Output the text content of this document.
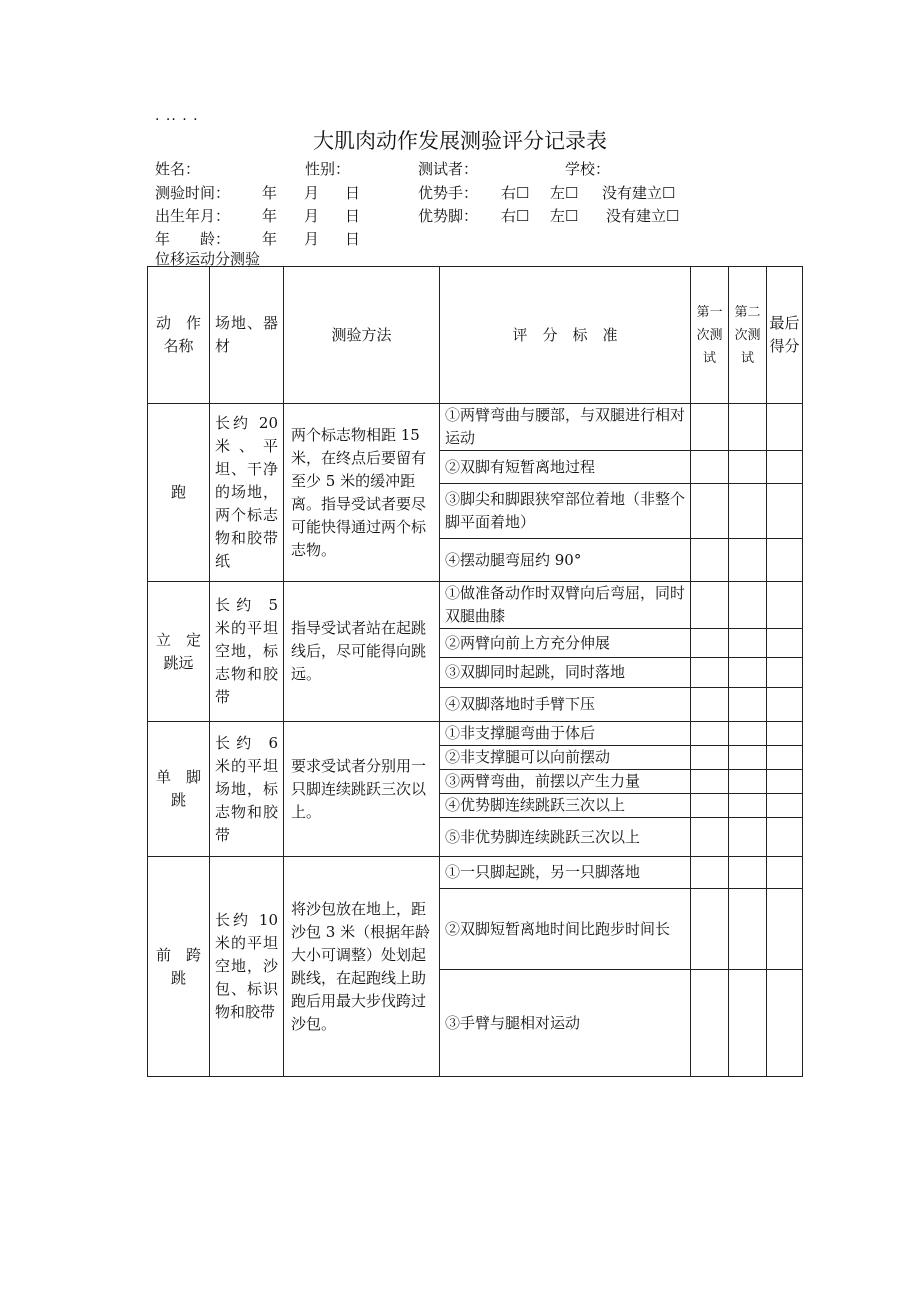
. .. . .
大肌肉动作发展测验评分记录表
姓名：	性别：	测试者：	学校：
测验时间： 年 月 日	优势手： 右☐ 左☐ 没有建立☐
出生年月： 年 月 日	优势脚： 右☐ 左☐ 没有建立☐
年　　龄： 年 月 日
位移运动分测验
动　作名称	场地、器材	测验方法	评　分　标　准	第一次测试	第二次测试	最后得分
跑	长约 20 米、平坦、干净的场地，两个标志物和胶带纸	两个标志物相距 15 米，在终点后要留有至少 5 米的缓冲距离。指导受试者要尽可能快得通过两个标志物。	①两臂弯曲与腰部，与双腿进行相对运动			
			②双脚有短暂离地过程			
			③脚尖和脚跟狭窄部位着地（非整个脚平面着地）			
			④摆动腿弯屈约 90°			
立　定跳远	长约 5 米的平坦空地，标志物和胶带	指导受试者站在起跳线后，尽可能得向跳远。	①做准备动作时双臂向后弯屈，同时双腿曲膝			
			②两臂向前上方充分伸展			
			③双脚同时起跳，同时落地			
			④双脚落地时手臂下压			
单　脚跳	长约 6 米的平坦场地，标志物和胶带	要求受试者分别用一只脚连续跳跃三次以上。	①非支撑腿弯曲于体后			
			②非支撑腿可以向前摆动			
			③两臂弯曲，前摆以产生力量			
			④优势脚连续跳跃三次以上			
			⑤非优势脚连续跳跃三次以上			
前　跨跳	长约 10 米的平坦空地，沙包、标识物和胶带	将沙包放在地上，距沙包 3 米（根据年龄大小可调整）处划起跳线，在起跑线上助跑后用最大步伐跨过沙包。	①一只脚起跳，另一只脚落地			
			②双脚短暂离地时间比跑步时间长			
			③手臂与腿相对运动			
